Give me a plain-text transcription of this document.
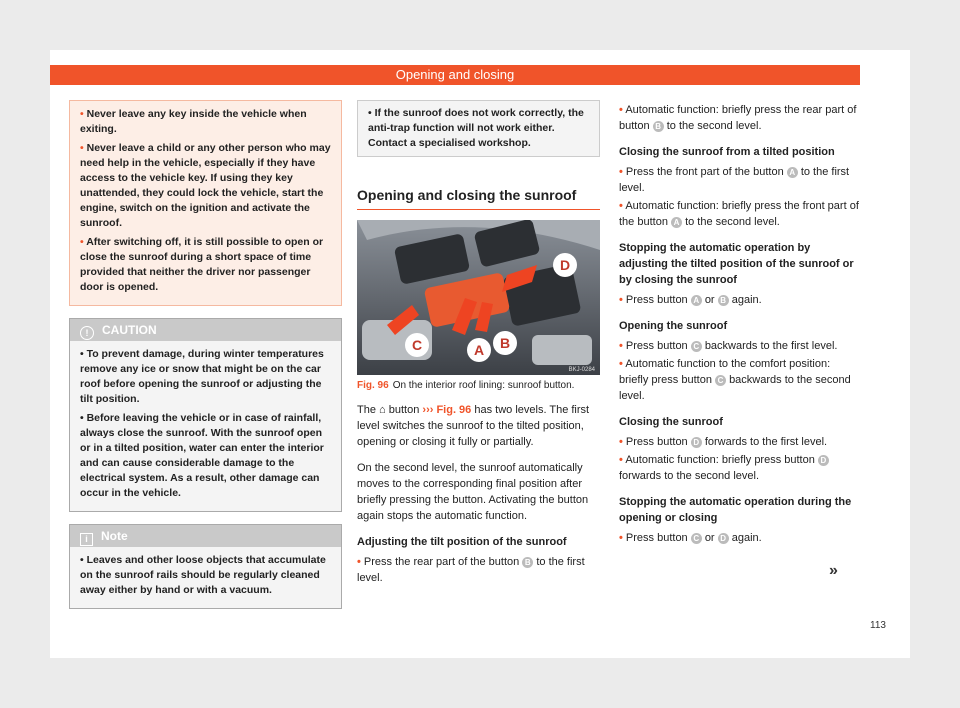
Opening and closing

• Never leave any key inside the vehicle when exiting.

• Never leave a child or any other person who may need help in the vehicle, especially if they have access to the vehicle key. If using they key unattended, they could lock the vehicle, start the engine, switch on the ignition and activate the sunroof.

• After switching off, it is still possible to open or close the sunroof during a short space of time provided that neither the driver nor passenger door is opened.

! CAUTION

• To prevent damage, during winter temperatures remove any ice or snow that might be on the car roof before opening the sunroof or adjusting the tilt position.

• Before leaving the vehicle or in case of rainfall, always close the sunroof. With the sunroof open or in a tilted position, water can enter the interior and can cause considerable damage to the electrical system. As a result, other damage can occur in the vehicle.

i Note

• Leaves and other loose objects that accumulate on the sunroof rails should be regularly cleaned away either by hand or with a vacuum.

• If the sunroof does not work correctly, the anti-trap function will not work either. Contact a specialised workshop.
Opening and closing the sunroof
C	A B
D
BKJ-0284
Fig. 96 On the interior roof lining: sunroof button.

The ⌂ button ››› Fig. 96 has two levels. The first level switches the sunroof to the tilted position, opening or closing it fully or partially.

On the second level, the sunroof automatically moves to the corresponding final position after briefly pressing the button. Activating the button again stops the automatic function.

Adjusting the tilt position of the sunroof
• Press the rear part of the button B to the first level.
• Automatic function: briefly press the rear part of button B to the second level.
Closing the sunroof from a tilted position
• Press the front part of the button A to the first level.
• Automatic function: briefly press the front part of the button A to the second level.
Stopping the automatic operation by adjusting the tilted position of the sunroof or by closing the sunroof
• Press button A or B again.
Opening the sunroof
• Press button C backwards to the first level.
• Automatic function to the comfort position: briefly press button C backwards to the second level.
Closing the sunroof
• Press button D forwards to the first level.
• Automatic function: briefly press button D forwards to the second level.
Stopping the automatic operation during the opening or closing
• Press button C or D again.
»
113
